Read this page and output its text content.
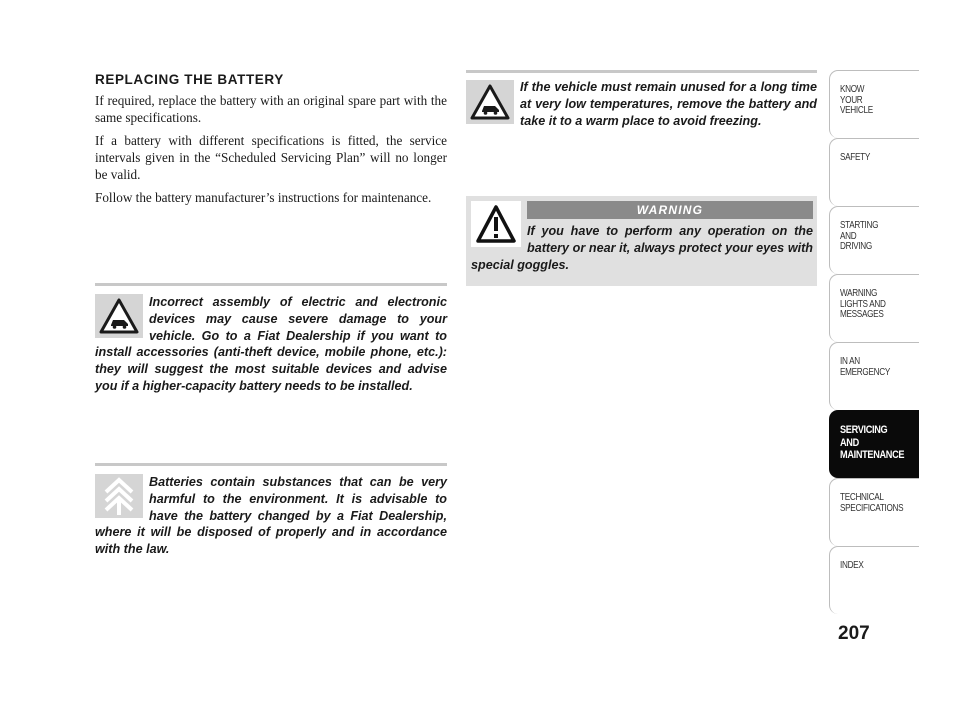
REPLACING THE BATTERY

If required, replace the battery with an original spare part with the same specifications.

If a battery with different specifications is fitted, the service intervals given in the “Scheduled Servicing Plan” will no longer be valid.

Follow the battery manufacturer’s instructions for maintenance.

Incorrect assembly of electric and electronic devices may cause severe damage to your vehicle. Go to a Fiat Dealership if you want to install accessories (anti-theft device, mobile phone, etc.): they will suggest the most suitable devices and advise you if a higher-capacity battery needs to be installed.
Batteries contain substances that can be very harmful to the environment. It is advisable to have the battery changed by a Fiat Dealership, where it will be disposed of properly and in accordance with the law.
If the vehicle must remain unused for a long time at very low temperatures, remove the battery and take it to a warm place to avoid freezing.
WARNING
If you have to perform any operation on the battery or near it, always protect your eyes with special goggles.
KNOW
YOUR
VEHICLE
SAFETY
STARTING
AND
DRIVING
WARNING
LIGHTS AND
MESSAGES
IN AN
EMERGENCY
SERVICING
AND
MAINTENANCE
TECHNICAL
SPECIFICATIONS
INDEX
207
